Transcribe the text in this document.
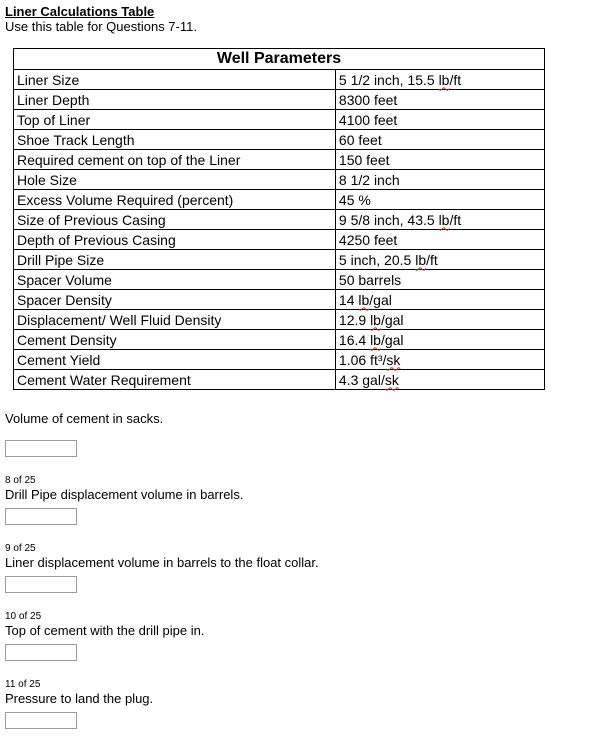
Liner Calculations Table
Use this table for Questions 7-11.
Well Parameters	
Liner Size	5 1/2 inch, 15.5 lb/ft
Liner Depth	8300 feet
Top of Liner	4100 feet
Shoe Track Length	60 feet
Required cement on top of the Liner	150 feet
Hole Size	8 1/2 inch
Excess Volume Required (percent)	45 %
Size of Previous Casing	9 5/8 inch, 43.5 lb/ft
Depth of Previous Casing	4250 feet
Drill Pipe Size	5 inch, 20.5 lb/ft
Spacer Volume	50 barrels
Spacer Density	14 lb/gal
Displacement/ Well Fluid Density	12.9 lb/gal
Cement Density	16.4 lb/gal
Cement Yield	1.06 ft³/sk
Cement Water Requirement	4.3 gal/sk
Volume of cement in sacks.
8 of 25
Drill Pipe displacement volume in barrels.
9 of 25
Liner displacement volume in barrels to the float collar.
10 of 25
Top of cement with the drill pipe in.
11 of 25
Pressure to land the plug.
